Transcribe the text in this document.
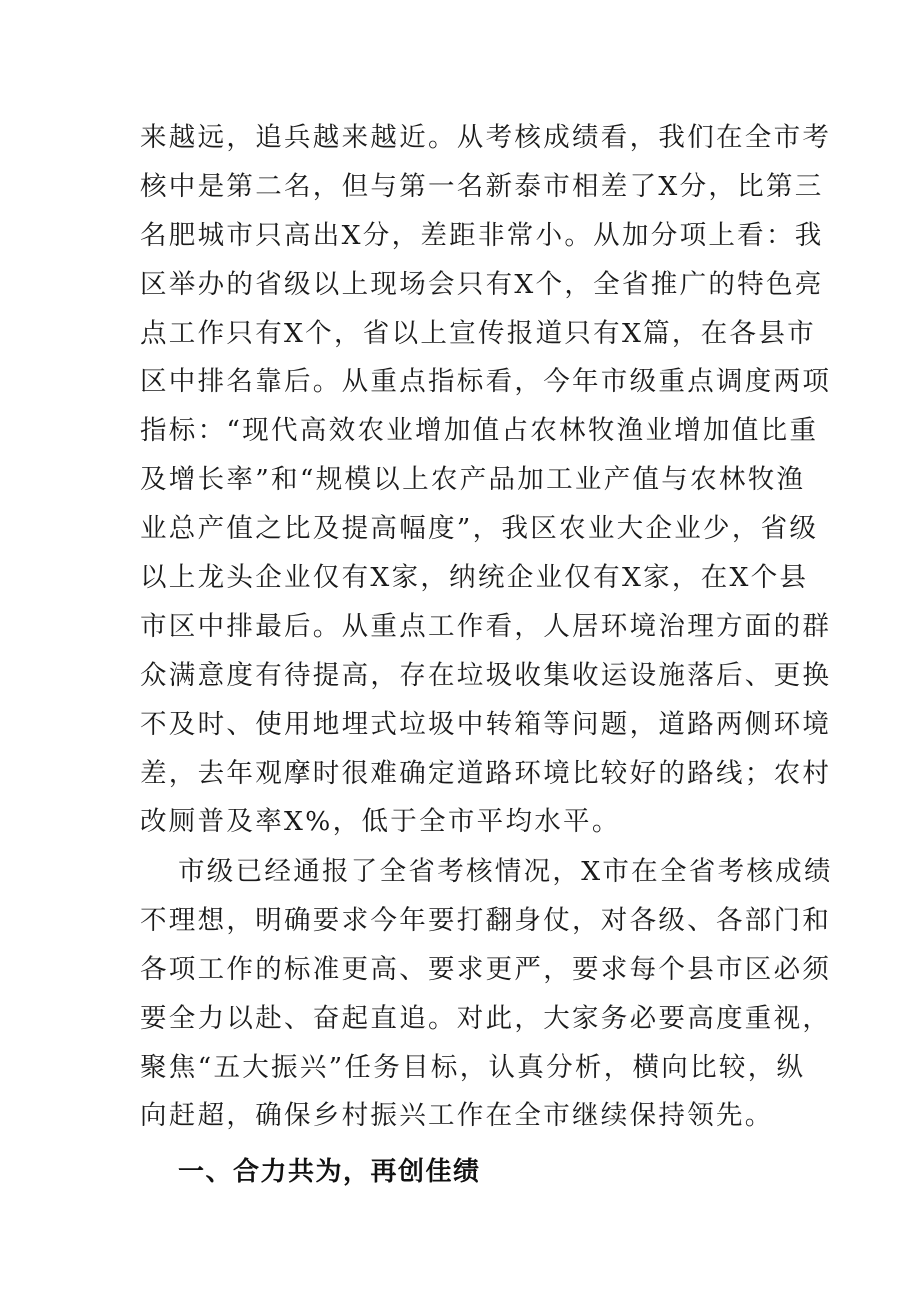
来越远，追兵越来越近。从考核成绩看，我们在全市考
核中是第二名，但与第一名新泰市相差了X分，比第三
名肥城市只高出X分，差距非常小。从加分项上看：我
区举办的省级以上现场会只有X个，全省推广的特色亮
点工作只有X个，省以上宣传报道只有X篇，在各县市
区中排名靠后。从重点指标看，今年市级重点调度两项
指标：“现代高效农业增加值占农林牧渔业增加值比重
及增长率”和“规模以上农产品加工业产值与农林牧渔
业总产值之比及提高幅度”，我区农业大企业少，省级
以上龙头企业仅有X家，纳统企业仅有X家，在X个县
市区中排最后。从重点工作看，人居环境治理方面的群
众满意度有待提高，存在垃圾收集收运设施落后、更换
不及时、使用地埋式垃圾中转箱等问题，道路两侧环境
差，去年观摩时很难确定道路环境比较好的路线；农村
改厕普及率X%，低于全市平均水平。
市级已经通报了全省考核情况，X市在全省考核成绩
不理想，明确要求今年要打翻身仗，对各级、各部门和
各项工作的标准更高、要求更严，要求每个县市区必须
要全力以赴、奋起直追。对此，大家务必要高度重视，
聚焦“五大振兴”任务目标，认真分析，横向比较，纵
向赶超，确保乡村振兴工作在全市继续保持领先。
一、合力共为，再创佳绩
